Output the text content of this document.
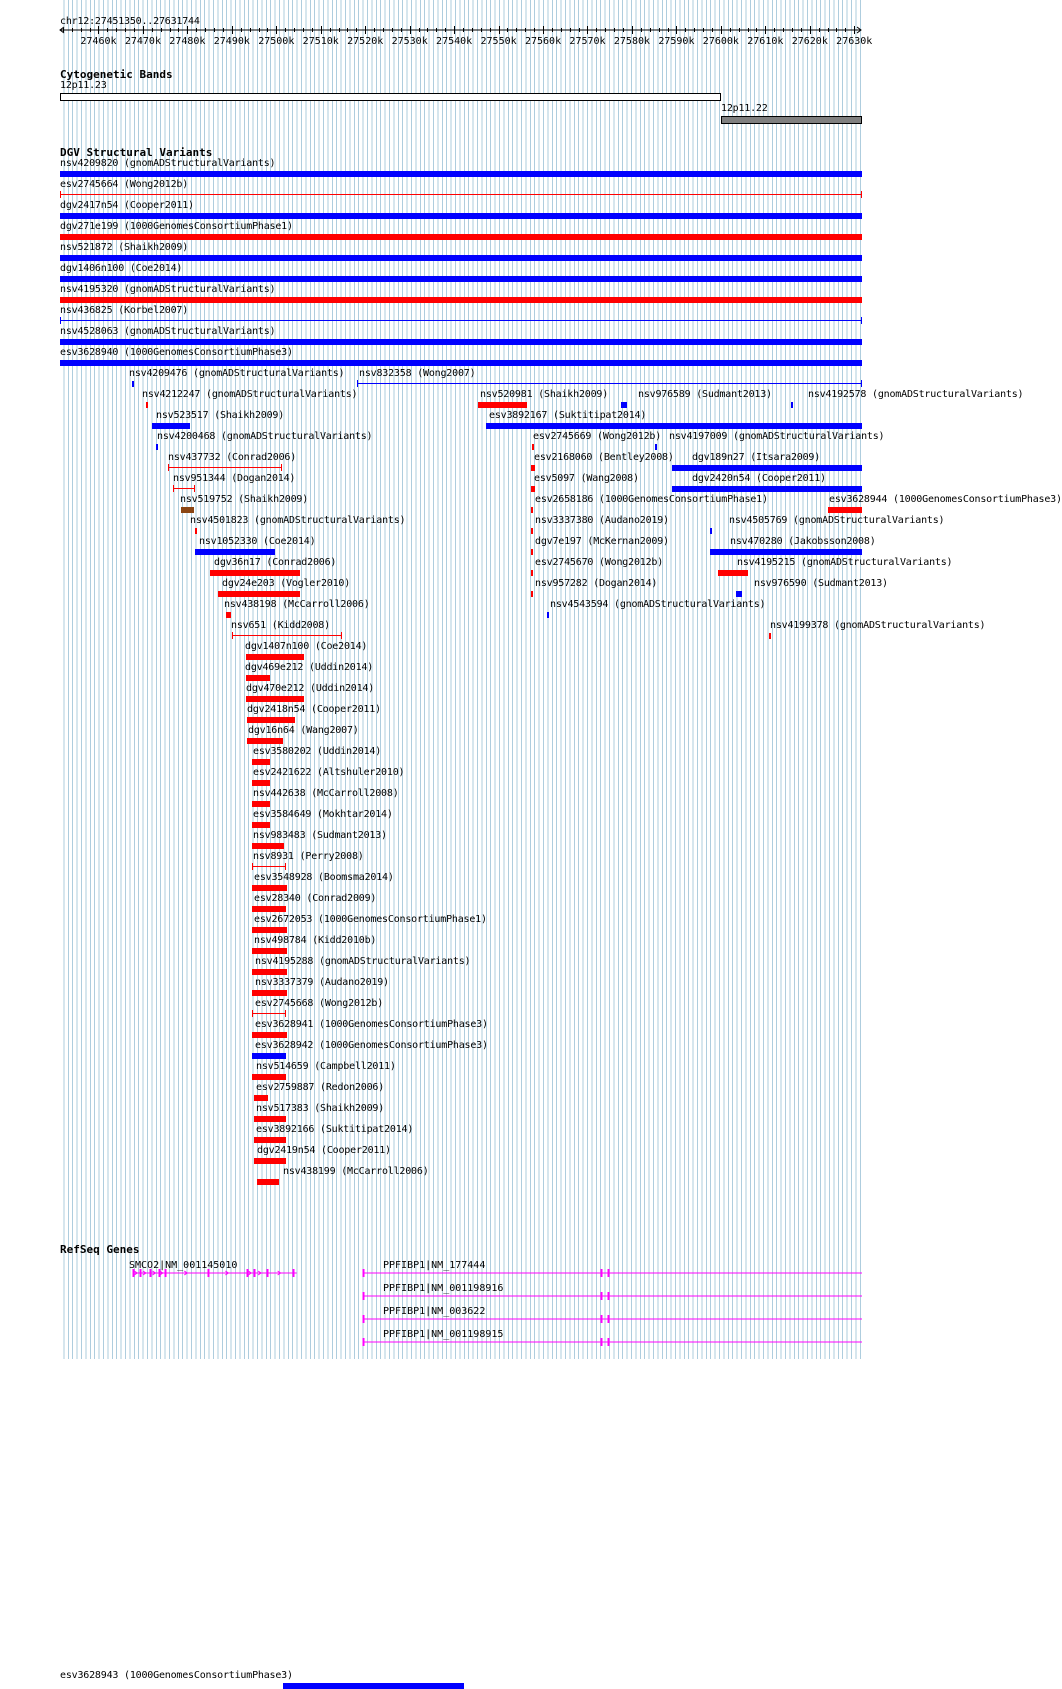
chr12:27451350..27631744
Cytogenetic Bands
DGV Structural Variants
RefSeq Genes
27460k 27470k 27480k 27490k 27500k 27510k 27520k 27530k 27540k 27550k 27560k 27570k 27580k 27590k 27600k 27610k 27620k 27630k
12p11.23
12p11.22
nsv4209820 (gnomADStructuralVariants)
esv2745664 (Wong2012b)
dgv2417n54 (Cooper2011)
dgv271e199 (1000GenomesConsortiumPhase1)
nsv521872 (Shaikh2009)
dgv1406n100 (Coe2014)
nsv4195320 (gnomADStructuralVariants)
nsv436825 (Korbel2007)
nsv4528063 (gnomADStructuralVariants)
esv3628940 (1000GenomesConsortiumPhase3)
nsv4209476 (gnomADStructuralVariants) nsv832358 (Wong2007)
nsv4212247 (gnomADStructuralVariants)	nsv520981 (Shaikh2009)	nsv976589 (Sudmant2013)	nsv4192578 (gnomADStructuralVariants)
nsv523517 (Shaikh2009)	esv3892167 (Suktitipat2014)
nsv4200468 (gnomADStructuralVariants)	esv2745669 (Wong2012b) nsv4197009 (gnomADStructuralVariants)
nsv437732 (Conrad2006)	esv2168060 (Bentley2008) dgv189n27 (Itsara2009)
nsv951344 (Dogan2014)	esv5097 (Wang2008)	dgv2420n54 (Cooper2011)
nsv519752 (Shaikh2009)	esv2658186 (1000GenomesConsortiumPhase1)	esv3628944 (1000GenomesConsortiumPhase3)
nsv4501823 (gnomADStructuralVariants)	nsv3337380 (Audano2019)	nsv4505769 (gnomADStructuralVariants)
nsv1052330 (Coe2014)	dgv7e197 (McKernan2009)	nsv470280 (Jakobsson2008)
dgv36n17 (Conrad2006)	esv2745670 (Wong2012b)	nsv4195215 (gnomADStructuralVariants)
dgv24e203 (Vogler2010)	nsv957282 (Dogan2014)	nsv976590 (Sudmant2013)
nsv438198 (McCarroll2006)	nsv4543594 (gnomADStructuralVariants)
nsv651 (Kidd2008)	nsv4199378 (gnomADStructuralVariants)
dgv1407n100 (Coe2014)
dgv469e212 (Uddin2014)
dgv470e212 (Uddin2014)
dgv2418n54 (Cooper2011)
dgv16n64 (Wang2007)
esv3580202 (Uddin2014)
esv2421622 (Altshuler2010)
nsv442638 (McCarroll2008)
esv3584649 (Mokhtar2014)
nsv983483 (Sudmant2013)
nsv8931 (Perry2008)
esv3548928 (Boomsma2014)
esv28340 (Conrad2009)
esv2672053 (1000GenomesConsortiumPhase1)
nsv498784 (Kidd2010b)
nsv4195288 (gnomADStructuralVariants)
nsv3337379 (Audano2019)
esv2745668 (Wong2012b)
esv3628941 (1000GenomesConsortiumPhase3)
esv3628942 (1000GenomesConsortiumPhase3)
nsv514659 (Campbell2011)
esv2759887 (Redon2006)
nsv517383 (Shaikh2009)
esv3892166 (Suktitipat2014)
dgv2419n54 (Cooper2011)
nsv438199 (McCarroll2006)
esv3628943 (1000GenomesConsortiumPhase3)
SMCO2|NM_001145010	PPFIBP1|NM_177444
PPFIBP1|NM_001198916
PPFIBP1|NM_003622
PPFIBP1|NM_001198915
